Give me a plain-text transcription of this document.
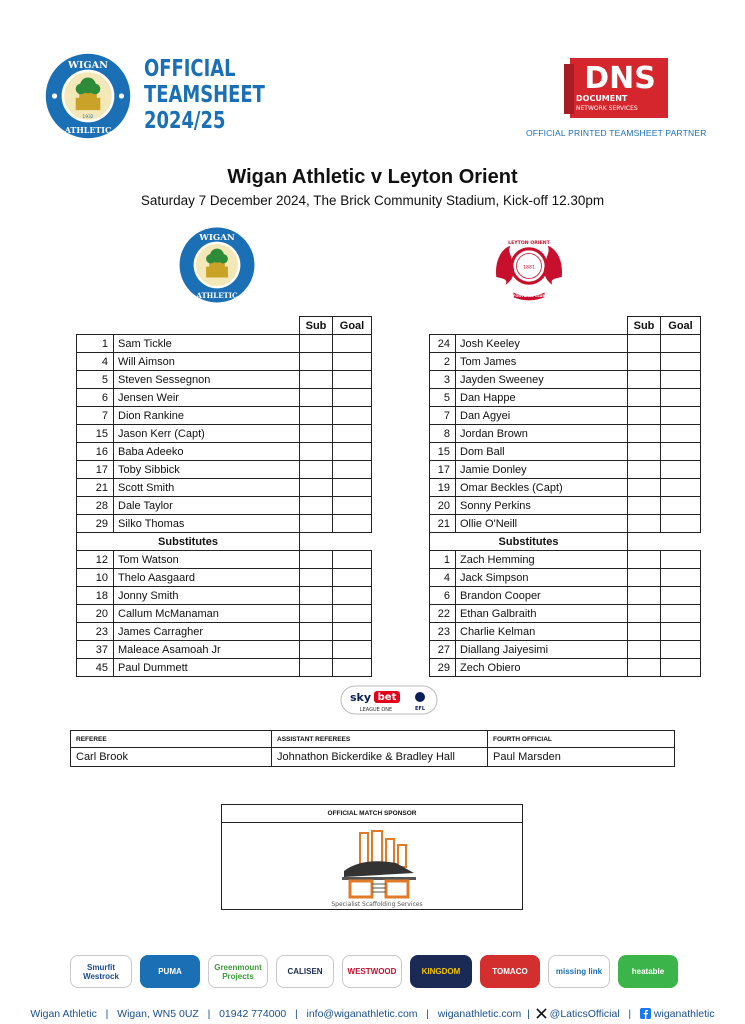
WIGAN
ATHLETIC
1932
OFFICIAL
TEAMSHEET
2024/25
DNS
DOCUMENT
NETWORK SERVICES
OFFICIAL PRINTED TEAMSHEET PARTNER
Wigan Athletic v Leyton Orient
Saturday 7 December 2024, The Brick Community Stadium, Kick-off 12.30pm
WIGAN
ATHLETIC
LEYTON ORIENT
1881
FOOTBALL CLUB
		Sub	Goal
1	Sam Tickle		
4	Will Aimson		
5	Steven Sessegnon		
6	Jensen Weir		
7	Dion Rankine		
15	Jason Kerr (Capt)		
16	Baba Adeeko		
17	Toby Sibbick		
21	Scott Smith		
28	Dale Taylor		
29	Silko Thomas		
Substitutes			
12	Tom Watson		
10	Thelo Aasgaard		
18	Jonny Smith		
20	Callum McManaman		
23	James Carragher		
37	Maleace Asamoah Jr		
45	Paul Dummett		
		Sub	Goal
24	Josh Keeley		
2	Tom James		
3	Jayden Sweeney		
5	Dan Happe		
7	Dan Agyei		
8	Jordan Brown		
15	Dom Ball		
17	Jamie Donley		
19	Omar Beckles (Capt)		
20	Sonny Perkins		
21	Ollie O'Neill		
Substitutes			
1	Zach Hemming		
4	Jack Simpson		
6	Brandon Cooper		
22	Ethan Galbraith		
23	Charlie Kelman		
27	Diallang Jaiyesimi		
29	Zech Obiero		
sky bet
LEAGUE ONE	EFL
REFEREE	ASSISTANT REFEREES	FOURTH OFFICIAL
Carl Brook	Johnathon Bickerdike & Bradley Hall	Paul Marsden
OFFICIAL MATCH SPONSOR
Specialist Scaffolding Services
Smurfit Westrock	PUMA	Greenmount Projects	CALISEN	WESTWOOD	KINGDOM	TOMACO	missing link	heatable
Wigan Athletic   |   Wigan, WN5 0UZ   |   01942 774000   |   info@wiganathletic.com   |   wiganathletic.com  |  @LaticsOfficial   |   wiganathletic
